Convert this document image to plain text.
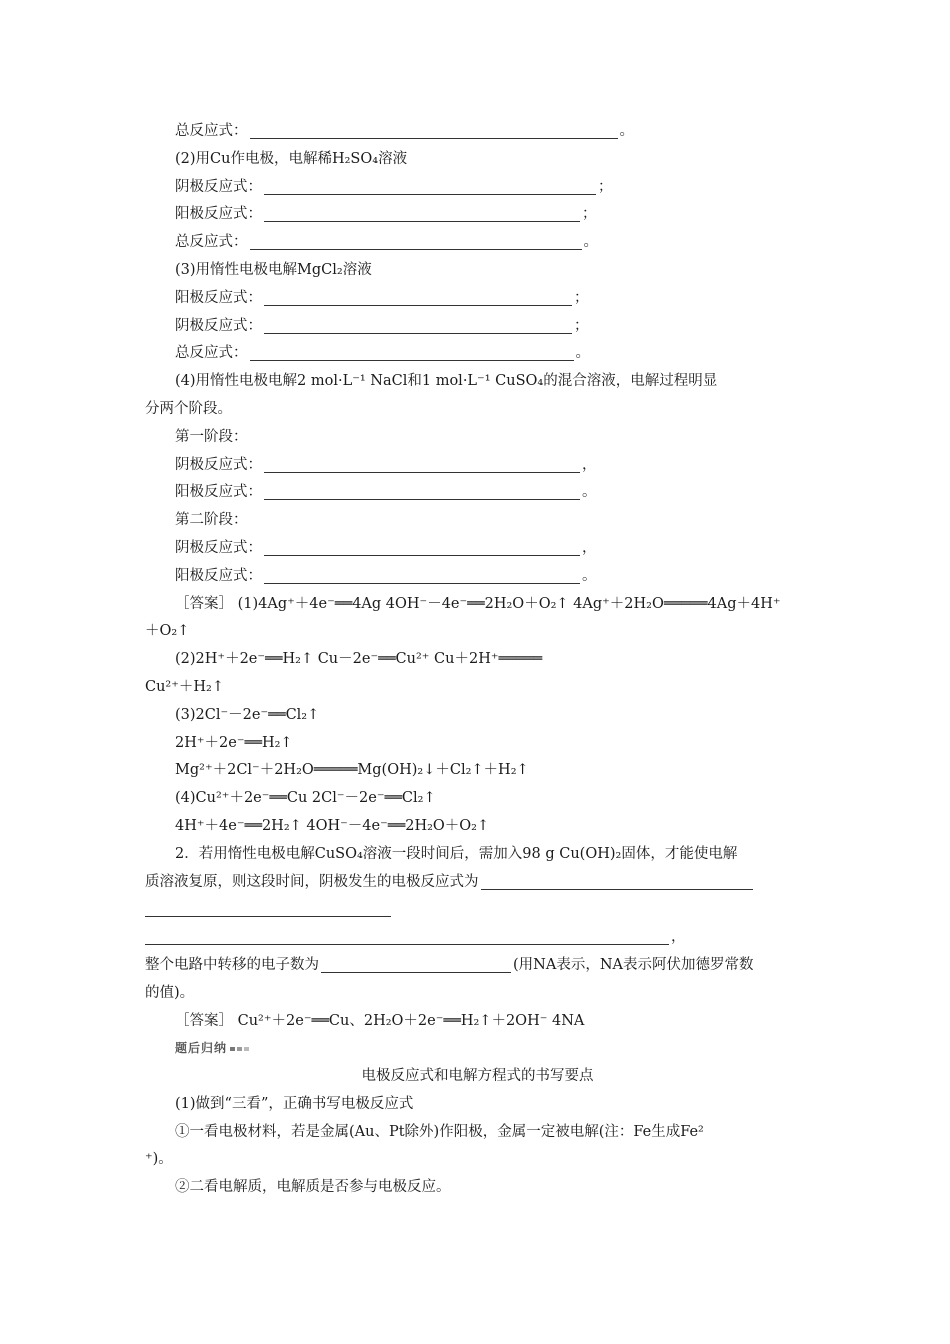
总反应式：	。
(2)用Cu作电极，电解稀H₂SO₄溶液
阴极反应式：	；
阳极反应式：	；
总反应式：	。
(3)用惰性电极电解MgCl₂溶液
阳极反应式：	；
阴极反应式：	；
总反应式：	。
(4)用惰性电极电解2 mol·L⁻¹ NaCl和1 mol·L⁻¹ CuSO₄的混合溶液，电解过程明显
分两个阶段。
第一阶段：
阴极反应式：	，
阳极反应式：	。
第二阶段：
阴极反应式：	，
阳极反应式：	。
［答案］ (1)4Ag⁺＋4e⁻══4Ag 4OH⁻－4e⁻══2H₂O＋O₂↑ 4Ag⁺＋2H₂O═════4Ag＋4H⁺
＋O₂↑
(2)2H⁺＋2e⁻══H₂↑ Cu－2e⁻══Cu²⁺ Cu＋2H⁺═════
Cu²⁺＋H₂↑
(3)2Cl⁻－2e⁻══Cl₂↑
2H⁺＋2e⁻══H₂↑
Mg²⁺＋2Cl⁻＋2H₂O═════Mg(OH)₂↓＋Cl₂↑＋H₂↑
(4)Cu²⁺＋2e⁻══Cu 2Cl⁻－2e⁻══Cl₂↑
4H⁺＋4e⁻══2H₂↑ 4OH⁻－4e⁻══2H₂O＋O₂↑
2．若用惰性电极电解CuSO₄溶液一段时间后，需加入98 g Cu(OH)₂固体，才能使电解
质溶液复原，则这段时间，阴极发生的电极反应式为
，
整个电路中转移的电子数为	(用NA表示，NA表示阿伏加德罗常数
的值)。
［答案］ Cu²⁺＋2e⁻══Cu、2H₂O＋2e⁻══H₂↑＋2OH⁻ 4NA
题后归纳
电极反应式和电解方程式的书写要点
(1)做到“三看”，正确书写电极反应式
①一看电极材料，若是金属(Au、Pt除外)作阳极，金属一定被电解(注：Fe生成Fe²
⁺)。
②二看电解质，电解质是否参与电极反应。
